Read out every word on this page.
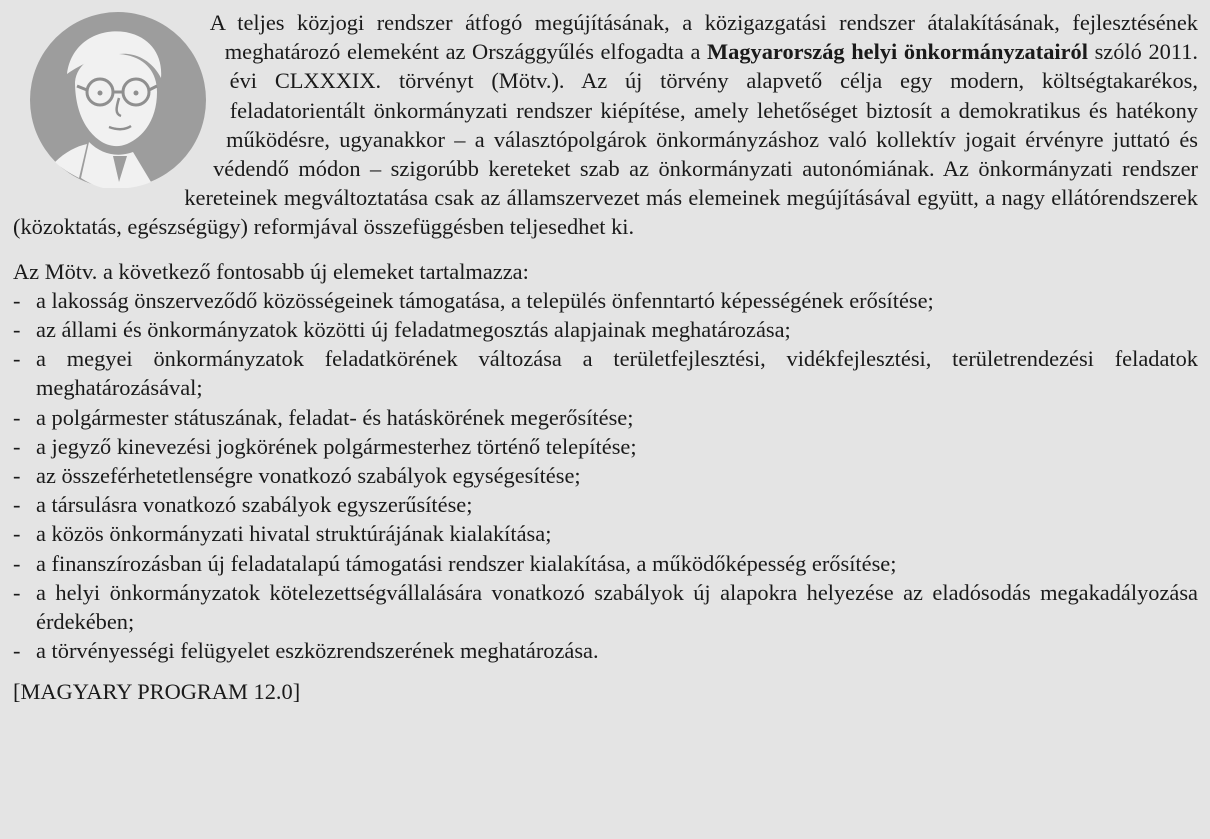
A teljes közjogi rendszer átfogó megújításának, a közigazgatási rendszer átalakításának, fejlesztésének meghatározó elemeként az Országgyűlés elfogadta a Magyarország helyi önkormányzatairól szóló 2011. évi CLXXXIX. törvényt (Mötv.). Az új törvény alapvető célja egy modern, költségtakarékos, feladatorientált önkormányzati rendszer kiépítése, amely lehetőséget biztosít a demokratikus és hatékony működésre, ugyanakkor – a választópolgárok önkormányzáshoz való kollektív jogait érvényre juttató és védendő módon – szigorúbb kereteket szab az önkormányzati autonómiának. Az önkormányzati rendszer kereteinek megváltoztatása csak az államszervezet más elemeinek megújításával együtt, a nagy ellátórendszerek (közoktatás, egészségügy) reformjával összefüggésben teljesedhet ki.

Az Mötv. a következő fontosabb új elemeket tartalmazza:

- a lakosság önszerveződő közösségeinek támogatása, a település önfenntartó képességének erősítése;
- az állami és önkormányzatok közötti új feladatmegosztás alapjainak meghatározása;
- a megyei önkormányzatok feladatkörének változása a területfejlesztési, vidékfejlesztési, területrendezési feladatok meghatározásával;
- a polgármester státuszának, feladat- és hatáskörének megerősítése;
- a jegyző kinevezési jogkörének polgármesterhez történő telepítése;
- az összeférhetetlenségre vonatkozó szabályok egységesítése;
- a társulásra vonatkozó szabályok egyszerűsítése;
- a közös önkormányzati hivatal struktúrájának kialakítása;
- a finanszírozásban új feladatalapú támogatási rendszer kialakítása, a működőképesség erősítése;
- a helyi önkormányzatok kötelezettségvállalására vonatkozó szabályok új alapokra helyezése az eladósodás megakadályozása érdekében;
- a törvényességi felügyelet eszközrendszerének meghatározása.

[MAGYARY PROGRAM 12.0]
